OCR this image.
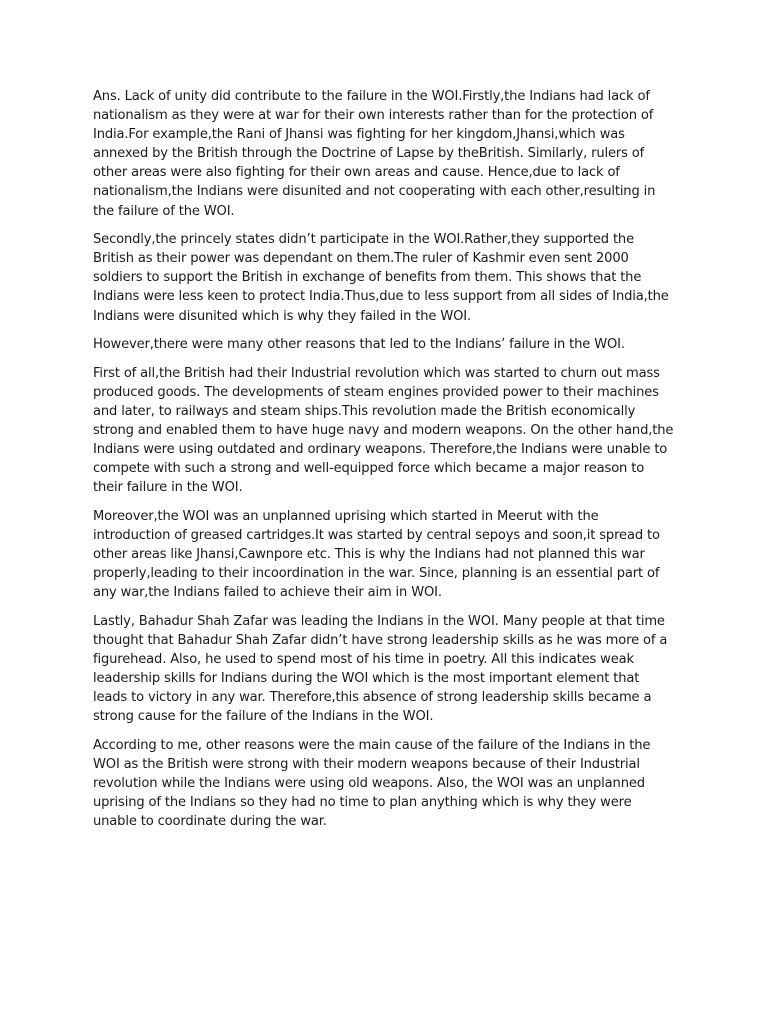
Ans. Lack of unity did contribute to the failure in the WOI.Firstly,the Indians had lack of nationalism as they were at war for their own interests rather than for the protection of India.For example,the Rani of Jhansi was fighting for her kingdom,Jhansi,which was annexed by the British through the Doctrine of Lapse by theBritish. Similarly, rulers of other areas were also fighting for their own areas and cause. Hence,due to lack of nationalism,the Indians were disunited and not cooperating with each other,resulting in the failure of the WOI.

Secondly,the princely states didn’t participate in the WOI.Rather,they supported the British as their power was dependant on them.The ruler of Kashmir even sent 2000 soldiers to support the British in exchange of benefits from them. This shows that the Indians were less keen to protect India.Thus,due to less support from all sides of India,the Indians were disunited which is why they failed in the WOI.

However,there were many other reasons that led to the Indians’ failure in the WOI.

First of all,the British had their Industrial revolution which was started to churn out mass produced goods. The developments of steam engines provided power to their machines and later, to railways and steam ships.This revolution made the British economically strong and enabled them to have huge navy and modern weapons. On the other hand,the Indians were using outdated and ordinary weapons. Therefore,the Indians were unable to compete with such a strong and well-equipped force which became a major reason to their failure in the WOI.

Moreover,the WOI was an unplanned uprising which started in Meerut with the introduction of greased cartridges.It was started by central sepoys and soon,it spread to other areas like Jhansi,Cawnpore etc. This is why the Indians had not planned this war properly,leading to their incoordination in the war. Since, planning is an essential part of any war,the Indians failed to achieve their aim in WOI.

Lastly, Bahadur Shah Zafar was leading the Indians in the WOI. Many people at that time thought that Bahadur Shah Zafar didn’t have strong leadership skills as he was more of a figurehead. Also, he used to spend most of his time in poetry. All this indicates weak leadership skills for Indians during the WOI which is the most important element that leads to victory in any war. Therefore,this absence of strong leadership skills became a strong cause for the failure of the Indians in the WOI.

According to me, other reasons were the main cause of the failure of the Indians in the WOI as the British were strong with their modern weapons because of their Industrial revolution while the Indians were using old weapons. Also, the WOI was an unplanned uprising of the Indians so they had no time to plan anything which is why they were unable to coordinate during the war.
